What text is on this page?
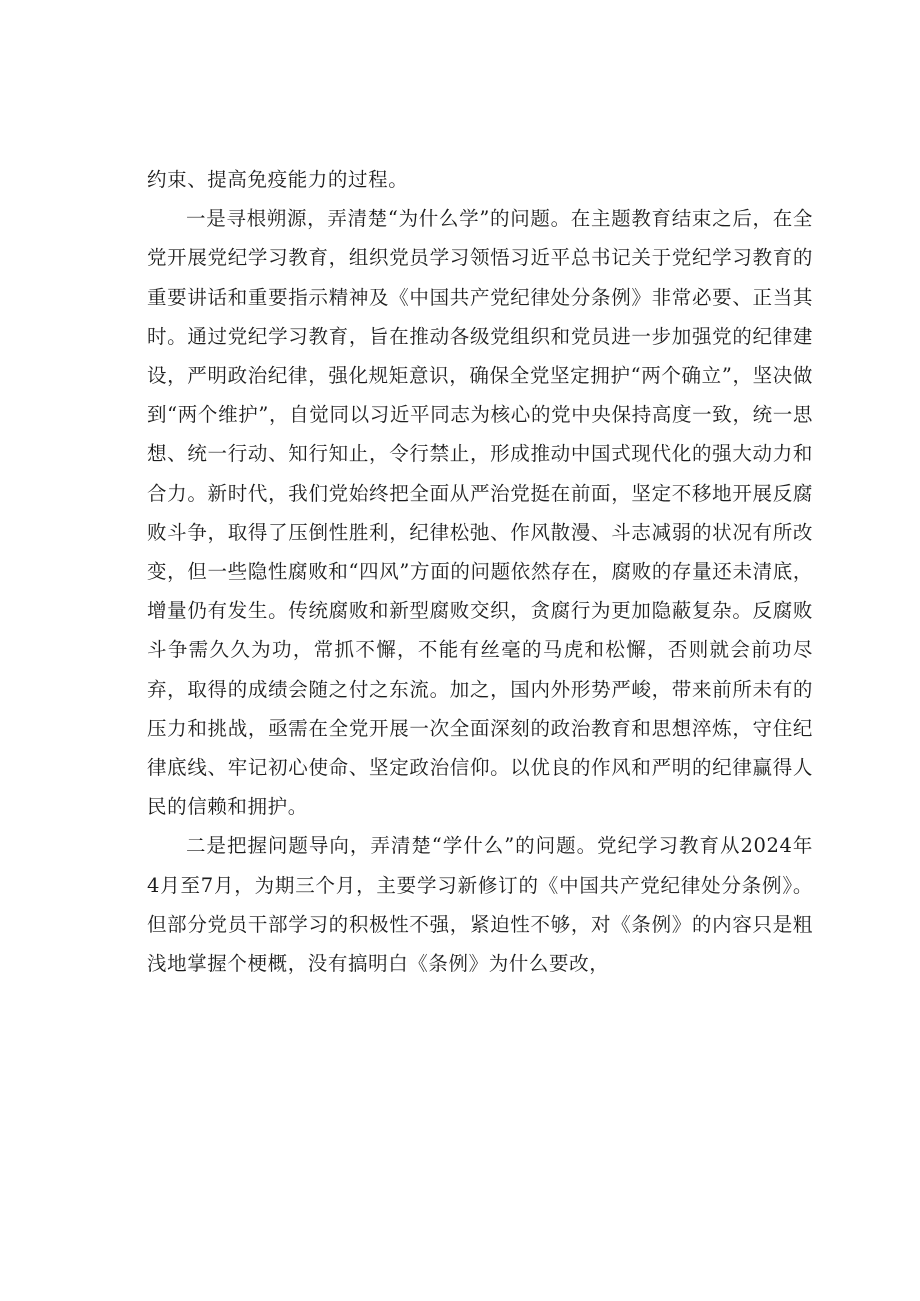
约束、提高免疫能力的过程。

一是寻根朔源，弄清楚“为什么学”的问题。在主题教育结束之后，在全党开展党纪学习教育，组织党员学习领悟习近平总书记关于党纪学习教育的重要讲话和重要指示精神及《中国共产党纪律处分条例》非常必要、正当其时。通过党纪学习教育，旨在推动各级党组织和党员进一步加强党的纪律建设，严明政治纪律，强化规矩意识，确保全党坚定拥护“两个确立”，坚决做到“两个维护”，自觉同以习近平同志为核心的党中央保持高度一致，统一思想、统一行动、知行知止，令行禁止，形成推动中国式现代化的强大动力和合力。新时代，我们党始终把全面从严治党挺在前面，坚定不移地开展反腐败斗争，取得了压倒性胜利，纪律松弛、作风散漫、斗志减弱的状况有所改变，但一些隐性腐败和“四风”方面的问题依然存在，腐败的存量还未清底，增量仍有发生。传统腐败和新型腐败交织，贪腐行为更加隐蔽复杂。反腐败斗争需久久为功，常抓不懈，不能有丝毫的马虎和松懈，否则就会前功尽弃，取得的成绩会随之付之东流。加之，国内外形势严峻，带来前所未有的压力和挑战，亟需在全党开展一次全面深刻的政治教育和思想淬炼，守住纪律底线、牢记初心使命、坚定政治信仰。以优良的作风和严明的纪律赢得人民的信赖和拥护。

二是把握问题导向，弄清楚“学什么”的问题。党纪学习教育从2024年4月至7月，为期三个月，主要学习新修订的《中国共产党纪律处分条例》。但部分党员干部学习的积极性不强，紧迫性不够，对《条例》的内容只是粗浅地掌握个梗概，没有搞明白《条例》为什么要改，
